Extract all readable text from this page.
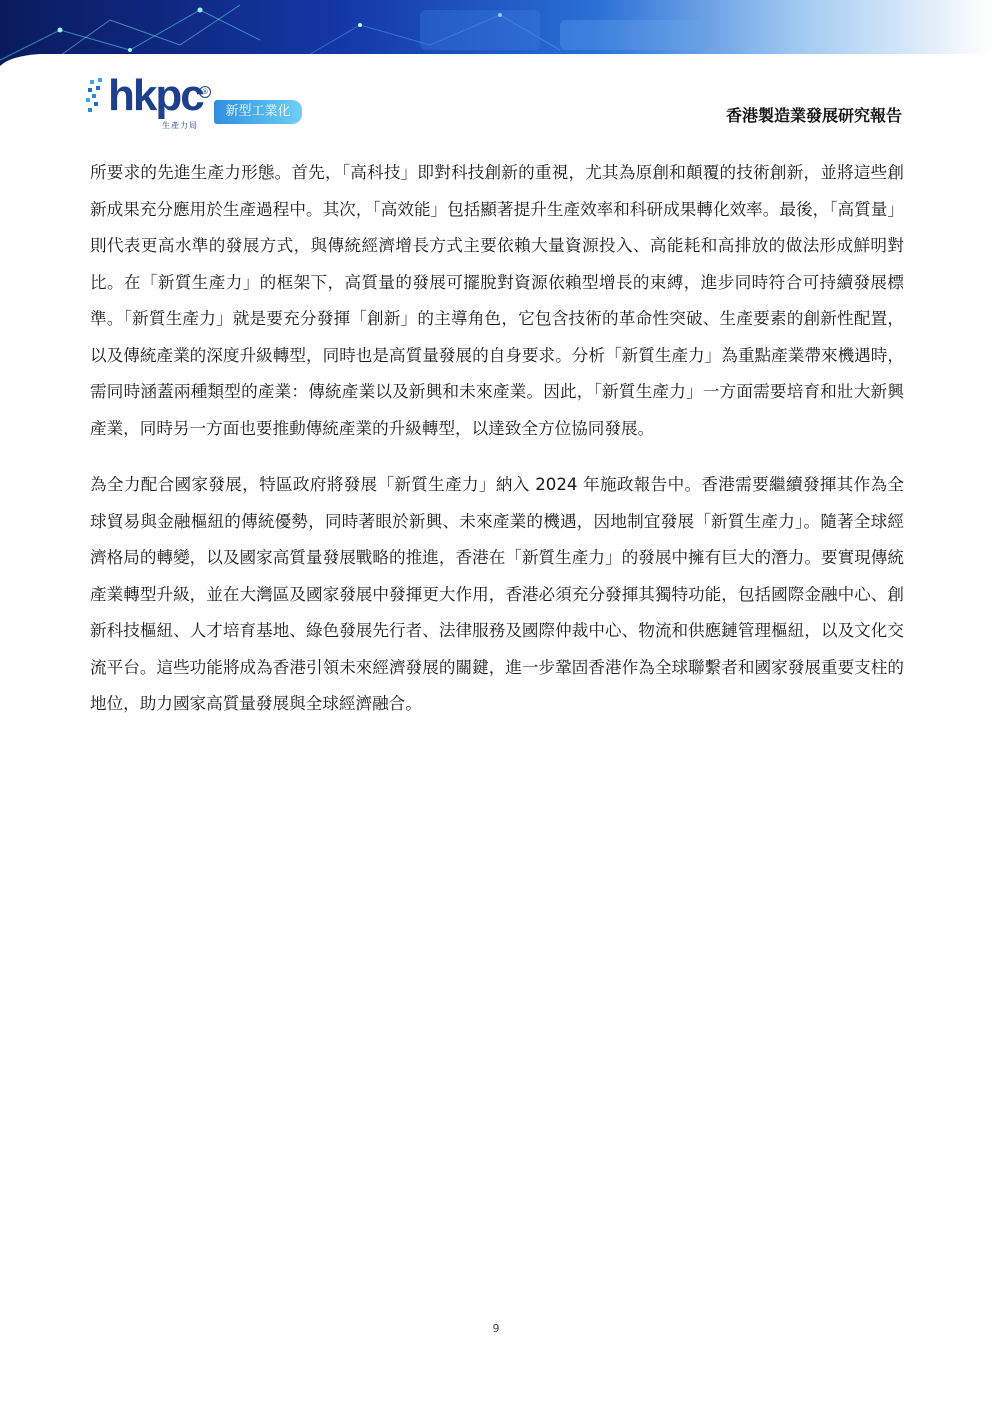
hkpc
®
生產力局
新型工業化	香港製造業發展研究報告

所要求的先進生產力形態。首先，「高科技」即對科技創新的重視，尤其為原創和顛覆的技術創新，並將這些創新成果充分應用於生產過程中。其次，「高效能」包括顯著提升生產效率和科研成果轉化效率。最後，「高質量」則代表更高水準的發展方式，與傳統經濟增長方式主要依賴大量資源投入、高能耗和高排放的做法形成鮮明對比。在「新質生產力」的框架下，高質量的發展可擺脫對資源依賴型增長的束縛，進步同時符合可持續發展標準。「新質生產力」就是要充分發揮「創新」的主導角色，它包含技術的革命性突破、生產要素的創新性配置，以及傳統產業的深度升級轉型，同時也是高質量發展的自身要求。分析「新質生產力」為重點產業帶來機遇時，需同時涵蓋兩種類型的產業：傳統產業以及新興和未來產業。因此，「新質生產力」一方面需要培育和壯大新興產業，同時另一方面也要推動傳統產業的升級轉型，以達致全方位協同發展。

為全力配合國家發展，特區政府將發展「新質生產力」納入 2024 年施政報告中。香港需要繼續發揮其作為全球貿易與金融樞紐的傳統優勢，同時著眼於新興、未來產業的機遇，因地制宜發展「新質生產力」。隨著全球經濟格局的轉變，以及國家高質量發展戰略的推進，香港在「新質生產力」的發展中擁有巨大的潛力。要實現傳統產業轉型升級，並在大灣區及國家發展中發揮更大作用，香港必須充分發揮其獨特功能，包括國際金融中心、創新科技樞紐、人才培育基地、綠色發展先行者、法律服務及國際仲裁中心、物流和供應鏈管理樞紐，以及文化交流平台。這些功能將成為香港引領未來經濟發展的關鍵，進一步鞏固香港作為全球聯繫者和國家發展重要支柱的地位，助力國家高質量發展與全球經濟融合。

9
